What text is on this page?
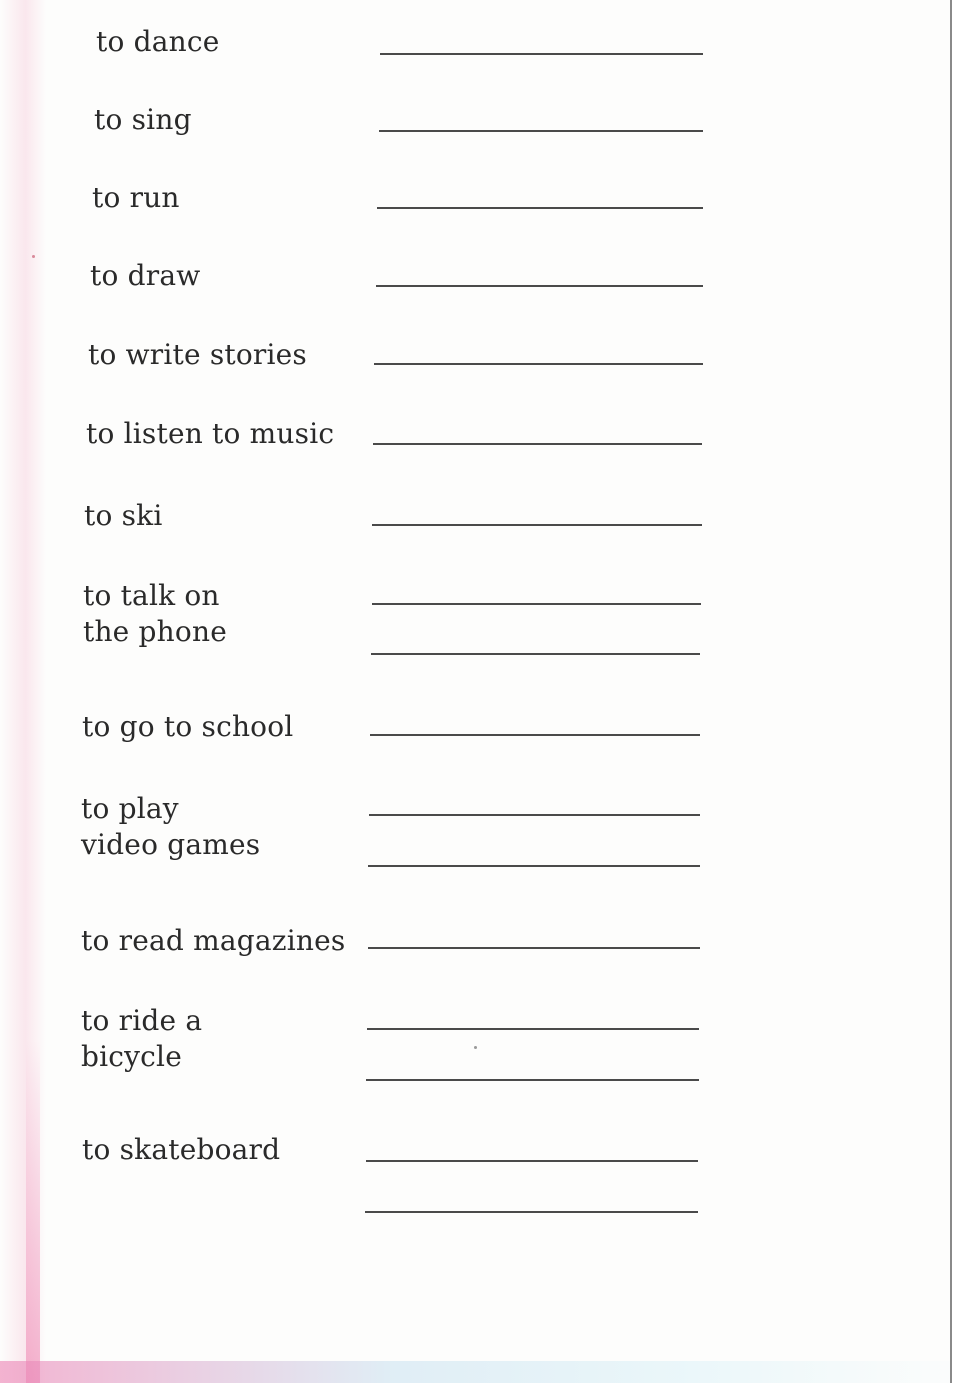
to dance
to sing
to run
to draw
to write stories
to listen to music
to ski
to talk on
the phone
to go to school
to play
video games
to read magazines
to ride a
bicycle
to skateboard
